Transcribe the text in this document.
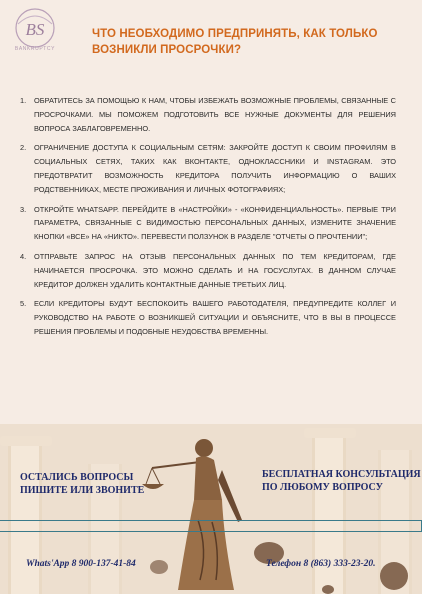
BS
BANKRUPTCY
ЧТО НЕОБХОДИМО ПРЕДПРИНЯТЬ, КАК ТОЛЬКО ВОЗНИКЛИ ПРОСРОЧКИ?
1. ОБРАТИТЕСЬ ЗА ПОМОЩЬЮ К НАМ, ЧТОБЫ ИЗБЕЖАТЬ ВОЗМОЖНЫЕ ПРОБЛЕМЫ, СВЯЗАННЫЕ С ПРОСРОЧКАМИ. МЫ ПОМОЖЕМ ПОДГОТОВИТЬ ВСЕ НУЖНЫЕ ДОКУМЕНТЫ ДЛЯ РЕШЕНИЯ ВОПРОСА ЗАБЛАГОВРЕМЕННО.
2. ОГРАНИЧЕНИЕ ДОСТУПА К СОЦИАЛЬНЫМ СЕТЯМ: ЗАКРОЙТЕ ДОСТУП К СВОИМ ПРОФИЛЯМ В СОЦИАЛЬНЫХ СЕТЯХ, ТАКИХ КАК ВКОНТАКТЕ, ОДНОКЛАССНИКИ И INSTAGRAM. ЭТО ПРЕДОТВРАТИТ ВОЗМОЖНОСТЬ КРЕДИТОРА ПОЛУЧИТЬ ИНФОРМАЦИЮ О ВАШИХ РОДСТВЕННИКАХ, МЕСТЕ ПРОЖИВАНИЯ И ЛИЧНЫХ ФОТОГРАФИЯХ;
3. ОТКРОЙТЕ WHATSAPP. ПЕРЕЙДИТЕ В «НАСТРОЙКИ» - «КОНФИДЕНЦИАЛЬНОСТЬ». ПЕРВЫЕ ТРИ ПАРАМЕТРА, СВЯЗАННЫЕ С ВИДИМОСТЬЮ ПЕРСОНАЛЬНЫХ ДАННЫХ, ИЗМЕНИТЕ ЗНАЧЕНИЕ КНОПКИ «ВСЕ» НА «НИКТО». ПЕРЕВЕСТИ ПОЛЗУНОК В РАЗДЕЛЕ "ОТЧЕТЫ О ПРОЧТЕНИИ";
4. ОТПРАВЬТЕ ЗАПРОС НА ОТЗЫВ ПЕРСОНАЛЬНЫХ ДАННЫХ ПО ТЕМ КРЕДИТОРАМ, ГДЕ НАЧИНАЕТСЯ ПРОСРОЧКА. ЭТО МОЖНО СДЕЛАТЬ И НА ГОСУСЛУГАХ. В ДАННОМ СЛУЧАЕ КРЕДИТОР ДОЛЖЕН УДАЛИТЬ КОНТАКТНЫЕ ДАННЫЕ ТРЕТЬИХ ЛИЦ.
5. ЕСЛИ КРЕДИТОРЫ БУДУТ БЕСПОКОИТЬ ВАШЕГО РАБОТОДАТЕЛЯ, ПРЕДУПРЕДИТЕ КОЛЛЕГ И РУКОВОДСТВО НА РАБОТЕ О ВОЗНИКШЕЙ СИТУАЦИИ И ОБЪЯСНИТЕ, ЧТО В ВЫ В ПРОЦЕССЕ РЕШЕНИЯ ПРОБЛЕМЫ И ПОДОБНЫЕ НЕУДОБСТВА ВРЕМЕННЫ.
ОСТАЛИСЬ ВОПРОСЫ ПИШИТЕ ИЛИ ЗВОНИТЕ
БЕСПЛАТНАЯ КОНСУЛЬТАЦИЯ ПО ЛЮБОМУ ВОПРОСУ
Whats'App 8 900-137-41-84	Телефон 8 (863) 333-23-20.
